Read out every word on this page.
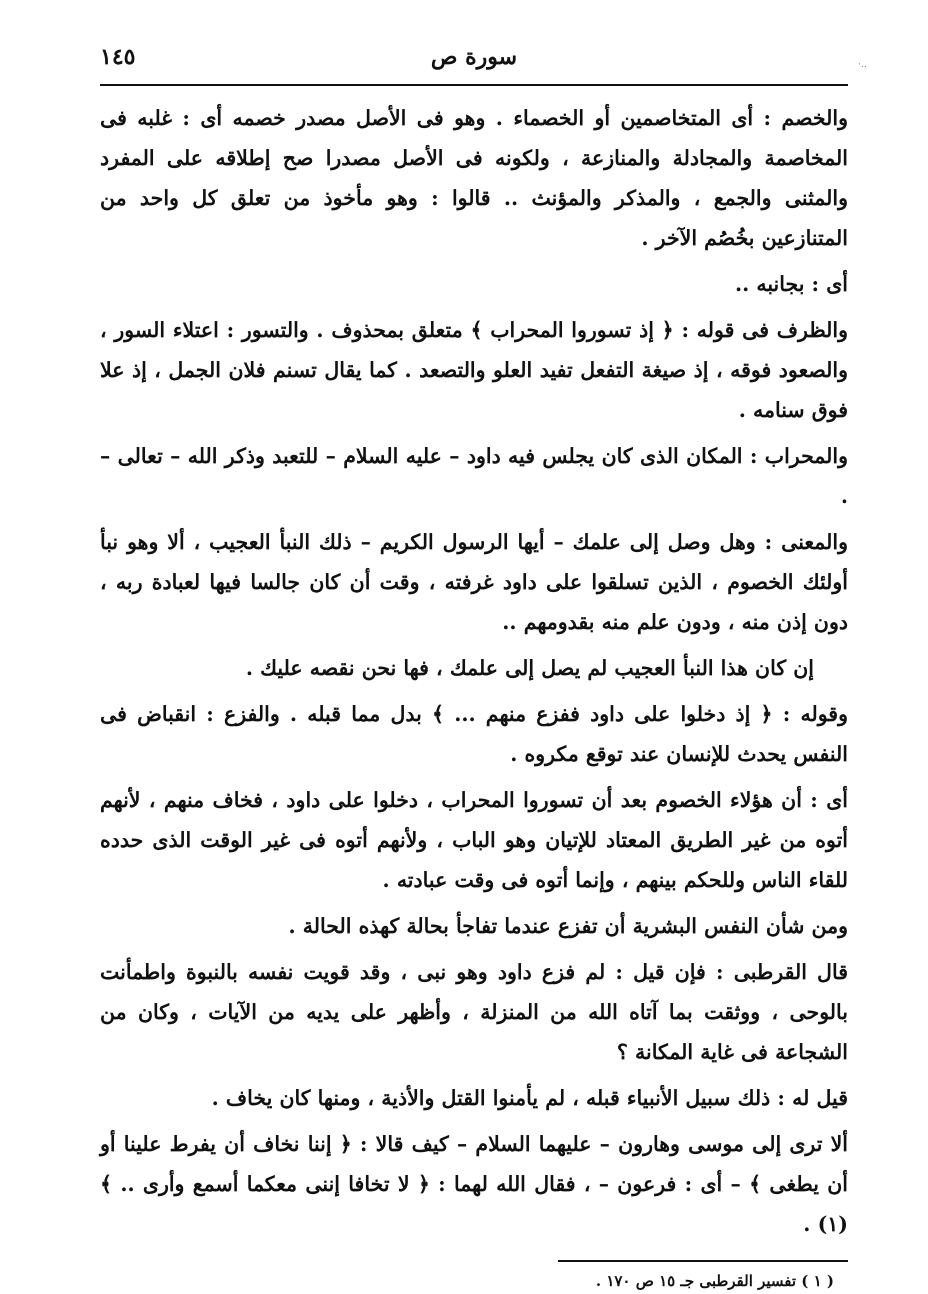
·‥
سورة ص
١٤٥

والخصم : أى المتخاصمين أو الخصماء . وهو فى الأصل مصدر خصمه أى : غلبه فى المخاصمة والمجادلة والمنازعة ، ولكونه فى الأصل مصدرا صح إطلاقه على المفرد والمثنى والجمع ، والمذكر والمؤنث .. قالوا : وهو مأخوذ من تعلق كل واحد من المتنازعين بخُصُم الآخر .

أى : بجانبه ..

والظرف فى قوله : ﴿ إذ تسوروا المحراب ﴾ متعلق بمحذوف . والتسور : اعتلاء السور ، والصعود فوقه ، إذ صيغة التفعل تفيد العلو والتصعد . كما يقال تسنم فلان الجمل ، إذ علا فوق سنامه .

والمحراب : المكان الذى كان يجلس فيه داود – عليه السلام – للتعبد وذكر الله – تعالى – .

والمعنى : وهل وصل إلى علمك – أيها الرسول الكريم – ذلك النبأ العجيب ، ألا وهو نبأ أولئك الخصوم ، الذين تسلقوا على داود غرفته ، وقت أن كان جالسا فيها لعبادة ربه ، دون إذن منه ، ودون علم منه بقدومهم ..

إن كان هذا النبأ العجيب لم يصل إلى علمك ، فها نحن نقصه عليك .

وقوله : ﴿ إذ دخلوا على داود ففزع منهم ... ﴾ بدل مما قبله . والفزع : انقباض فى النفس يحدث للإنسان عند توقع مكروه .

أى : أن هؤلاء الخصوم بعد أن تسوروا المحراب ، دخلوا على داود ، فخاف منهم ، لأنهم أتوه من غير الطريق المعتاد للإتيان وهو الباب ، ولأنهم أتوه فى غير الوقت الذى حدده للقاء الناس وللحكم بينهم ، وإنما أتوه فى وقت عبادته .

ومن شأن النفس البشرية أن تفزع عندما تفاجأ بحالة كهذه الحالة .

قال القرطبى : فإن قيل : لم فزع داود وهو نبى ، وقد قويت نفسه بالنبوة واطمأنت بالوحى ، ووثقت بما آتاه الله من المنزلة ، وأظهر على يديه من الآيات ، وكان من الشجاعة فى غاية المكانة ؟

قيل له : ذلك سبيل الأنبياء قبله ، لم يأمنوا القتل والأذية ، ومنها كان يخاف .

ألا ترى إلى موسى وهارون – عليهما السلام – كيف قالا : ﴿ إننا نخاف أن يفرط علينا أو أن يطغى ﴾ – أى : فرعون – ، فقال الله لهما : ﴿ لا تخافا إننى معكما أسمع وأرى .. ﴾(١) .

( ١ ) تفسير القرطبى جـ ١٥ ص ١٧٠ .
